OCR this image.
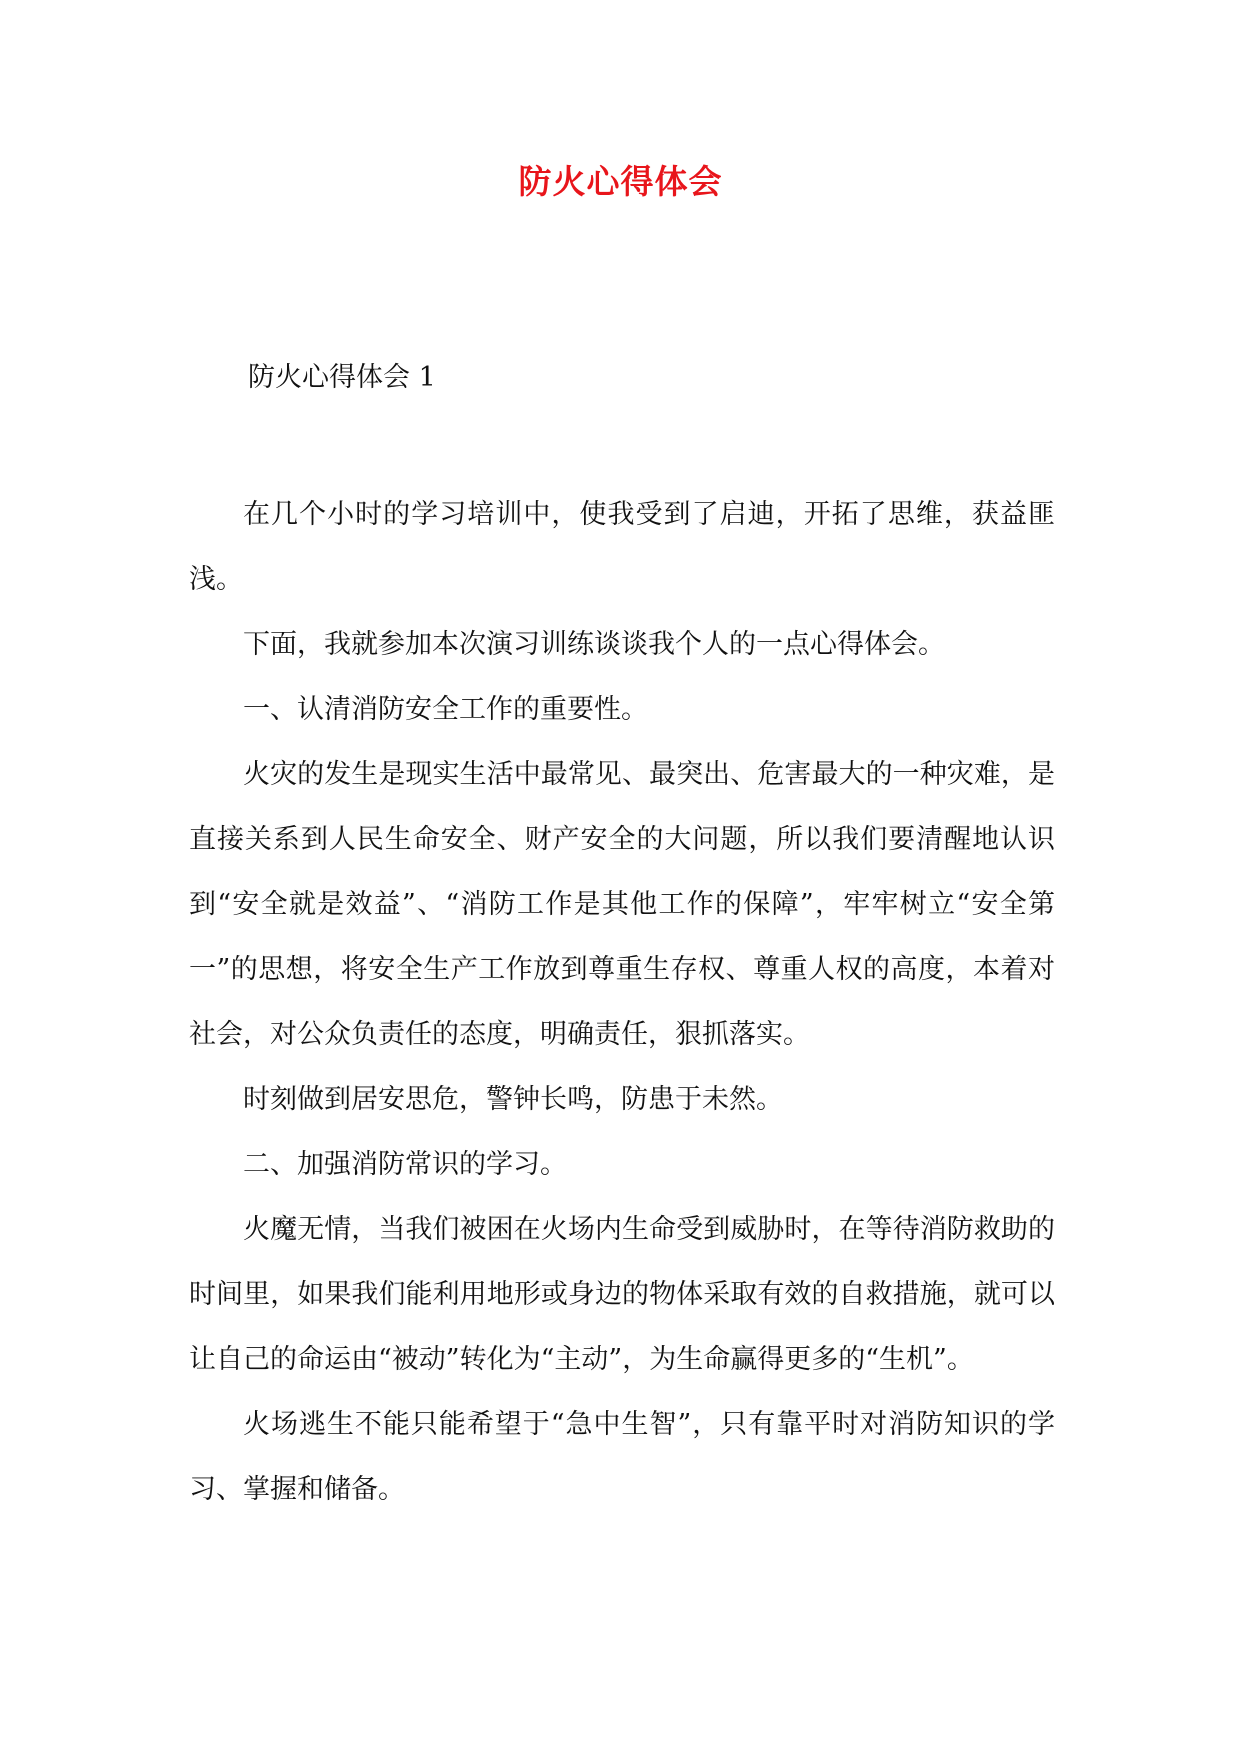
防火心得体会
防火心得体会 1

在几个小时的学习培训中，使我受到了启迪，开拓了思维，获益匪浅。

下面，我就参加本次演习训练谈谈我个人的一点心得体会。

一、认清消防安全工作的重要性。

火灾的发生是现实生活中最常见、最突出、危害最大的一种灾难，是直接关系到人民生命安全、财产安全的大问题，所以我们要清醒地认识到“安全就是效益”、“消防工作是其他工作的保障”，牢牢树立“安全第一”的思想，将安全生产工作放到尊重生存权、尊重人权的高度，本着对社会，对公众负责任的态度，明确责任，狠抓落实。

时刻做到居安思危，警钟长鸣，防患于未然。

二、加强消防常识的学习。

火魔无情，当我们被困在火场内生命受到威胁时，在等待消防救助的时间里，如果我们能利用地形或身边的物体采取有效的自救措施，就可以让自己的命运由“被动”转化为“主动”，为生命赢得更多的“生机”。

火场逃生不能只能希望于“急中生智”，只有靠平时对消防知识的学习、掌握和储备。
